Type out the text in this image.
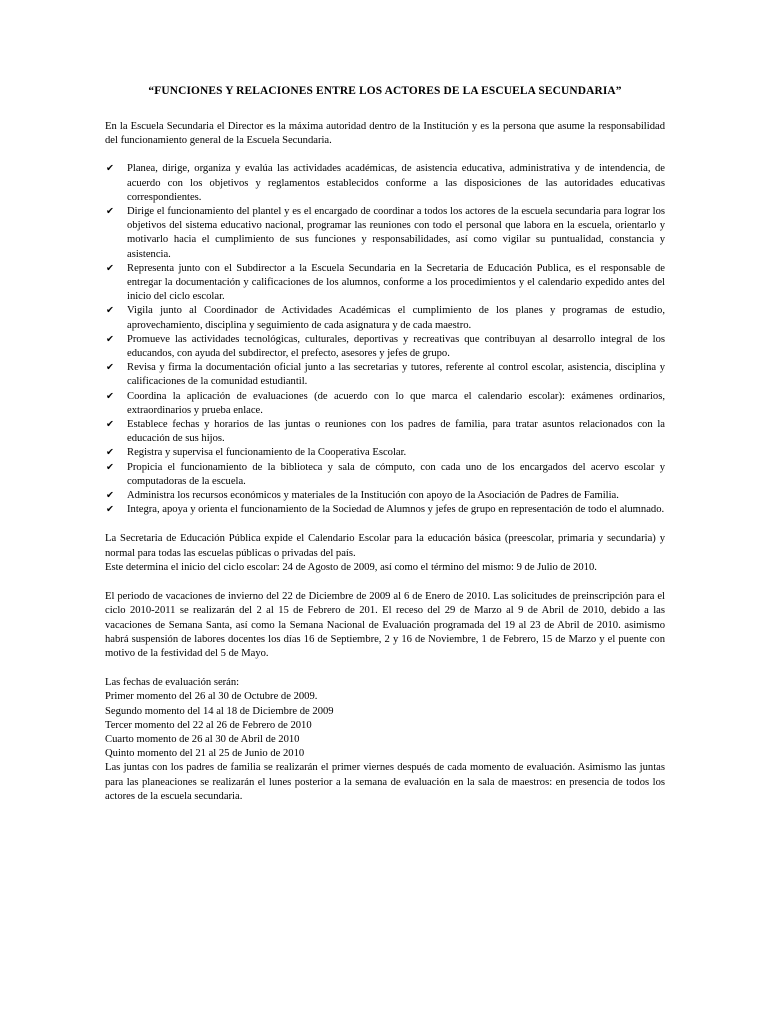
“FUNCIONES Y RELACIONES ENTRE LOS ACTORES DE LA ESCUELA SECUNDARIA”

En la Escuela Secundaria el Director es la máxima autoridad dentro de la Institución y es la persona que asume la responsabilidad del funcionamiento general de la Escuela Secundaria.

✔	Planea, dirige, organiza y evalúa las actividades académicas, de asistencia educativa, administrativa y de intendencia, de acuerdo con los objetivos y reglamentos establecidos conforme a las disposiciones de las autoridades educativas correspondientes.
✔	Dirige el funcionamiento del plantel y es el encargado de coordinar a todos los actores de la escuela secundaria para lograr los objetivos del sistema educativo nacional, programar las reuniones con todo el personal que labora en la escuela, orientarlo y motivarlo hacia el cumplimiento de sus funciones y responsabilidades, así como vigilar su puntualidad, constancia y asistencia.
✔	Representa junto con el Subdirector a la Escuela Secundaria en la Secretaria de Educación Publica, es el responsable de entregar la documentación y calificaciones de los alumnos, conforme a los procedimientos y el calendario expedido antes del inicio del ciclo escolar.
✔	Vigila junto al Coordinador de Actividades Académicas el cumplimiento de los planes y programas de estudio, aprovechamiento, disciplina y seguimiento de cada asignatura y de cada maestro.
✔	Promueve las actividades tecnológicas, culturales, deportivas y recreativas que contribuyan al desarrollo integral de los educandos, con ayuda del subdirector, el prefecto, asesores y jefes de grupo.
✔	Revisa y firma la documentación oficial junto a las secretarias y tutores, referente al control escolar, asistencia, disciplina y calificaciones de la comunidad estudiantil.
✔	Coordina la aplicación de evaluaciones (de acuerdo con lo que marca el calendario escolar): exámenes ordinarios, extraordinarios y prueba enlace.
✔	Establece fechas y horarios de las juntas o reuniones con los padres de familia, para tratar asuntos relacionados con la educación de sus hijos.
✔	Registra y supervisa el funcionamiento de la Cooperativa Escolar.
✔	Propicia el funcionamiento de la biblioteca y sala de cómputo, con cada uno de los encargados del acervo escolar y computadoras de la escuela.
✔	Administra los recursos económicos y materiales de la Institución con apoyo de la Asociación de Padres de Familia.
✔	Integra, apoya y orienta el funcionamiento de la Sociedad de Alumnos y jefes de grupo en representación de todo el alumnado.

La Secretaria de Educación Pública expide el Calendario Escolar para la educación básica (preescolar, primaria y secundaria) y normal para todas las escuelas públicas o privadas del país.

Este determina el inicio del ciclo escolar: 24 de Agosto de 2009, así como el término del mismo: 9 de Julio de 2010.

El periodo de vacaciones de invierno del 22 de Diciembre de 2009 al 6 de Enero de 2010. Las solicitudes de preinscripción para el ciclo 2010-2011 se realizarán del 2 al 15 de Febrero de 201. El receso del 29 de Marzo al 9 de Abril de 2010, debido a las vacaciones de Semana Santa, así como la Semana Nacional de Evaluación programada del 19 al 23 de Abril de 2010. asimismo habrá suspensión de labores docentes los días 16 de Septiembre, 2 y 16 de Noviembre, 1 de Febrero, 15 de Marzo y el puente con motivo de la festividad del 5 de Mayo.

Las fechas de evaluación serán:

Primer momento del 26 al 30 de Octubre de 2009.

Segundo momento del 14 al 18 de Diciembre de 2009

Tercer momento del 22 al 26 de Febrero de 2010

Cuarto momento de 26 al 30 de Abril de 2010

Quinto momento del 21 al 25 de Junio de 2010

Las juntas con los padres de familia se realizarán el primer viernes después de cada momento de evaluación. Asimismo las juntas para las planeaciones se realizarán el lunes posterior a la semana de evaluación en la sala de maestros: en presencia de todos los actores de la escuela secundaria.
